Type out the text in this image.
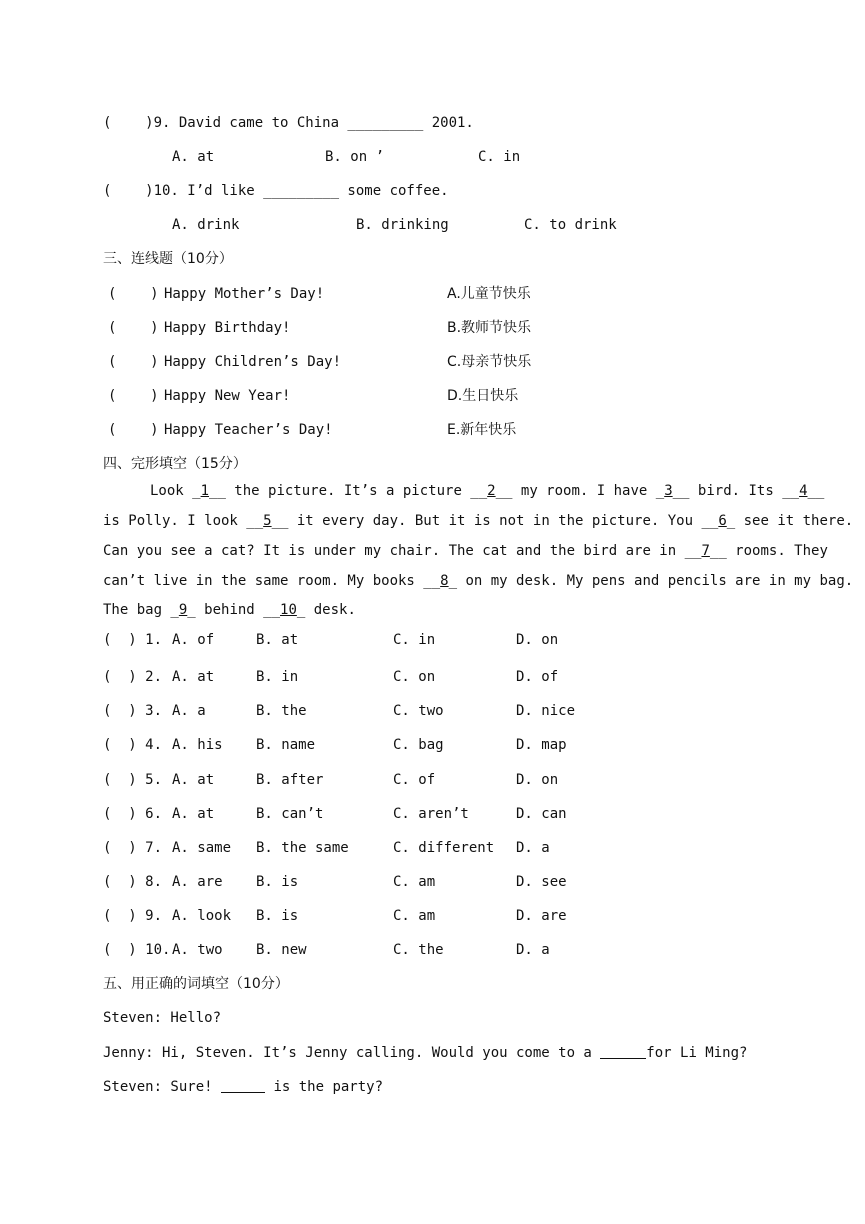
(    )9. David came to China _________ 2001.
A. at	B. on ’	C. in
(    )10. I’d like _________ some coffee.
A. drink	B. drinking	C. to drink
三、连线题（10分）
(    ) Happy Mother’s Day!	A.儿童节快乐
(    ) Happy Birthday!	B.教师节快乐
(    ) Happy Children’s Day!	C.母亲节快乐
(    ) Happy New Year!	D.生日快乐
(    ) Happy Teacher’s Day!	E.新年快乐
四、完形填空（15分）
Look _1__ the picture. It’s a picture __2__ my room. I have _3__ bird. Its __4__
is Polly. I look __5__ it every day. But it is not in the picture. You __6_ see it there.
Can you see a cat? It is under my chair. The cat and the bird are in __7__ rooms. They
can’t live in the same room. My books __8_ on my desk. My pens and pencils are in my bag.
The bag _9_ behind __10_ desk.
(  ) 1. A. of	B. at	C. in	D. on
(  ) 2. A. at	B. in	C. on	D. of
(  ) 3. A. a	B. the	C. two	D. nice
(  ) 4. A. his B. name	C. bag	D. map
(  ) 5. A. at	B. after	C. of	D. on
(  ) 6. A. at	B. can’t	C. aren’t	D. can
(  ) 7. A. same B. the same	C. different D. a
(  ) 8. A. are B. is	C. am	D. see
(  ) 9. A. look B. is	C. am	D. are
(  ) 10. A. two B. new	C. the	D. a
五、用正确的词填空（10分）
Steven: Hello?
Jenny: Hi, Steven. It’s Jenny calling. Would you come to a	for Li Ming?
Steven: Sure!	is the party?
